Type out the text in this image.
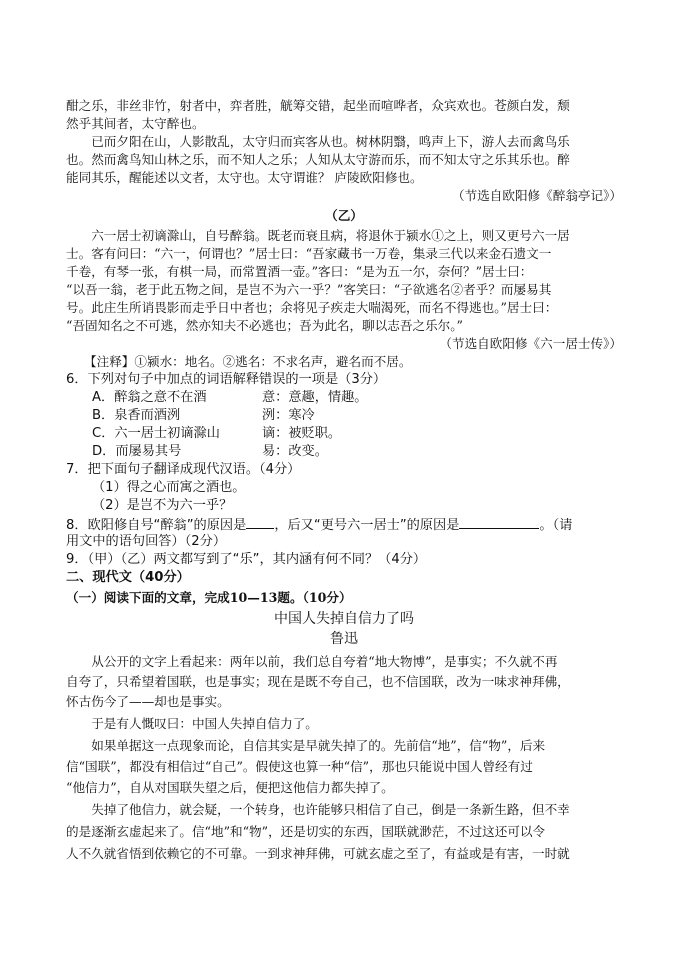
酣之乐，非丝非竹，射者中，弈者胜，觥筹交错，起坐而喧哗者，众宾欢也。苍颜白发，颓
然乎其间者，太守醉也。
　　已而夕阳在山，人影散乱，太守归而宾客从也。树林阴翳，鸣声上下，游人去而禽鸟乐
也。然而禽鸟知山林之乐，而不知人之乐；人知从太守游而乐，而不知太守之乐其乐也。醉
能同其乐，醒能述以文者，太守也。太守谓谁？ 庐陵欧阳修也。
（节选自欧阳修《醉翁亭记》）
（乙）
　　六一居士初谪滁山，自号醉翁。既老而衰且病，将退休于颍水①之上，则又更号六一居
士。客有问曰：“六一，何谓也？”居士曰：“吾家藏书一万卷，集录三代以来金石遗文一
千卷，有琴一张，有棋一局，而常置酒一壶。”客曰：“是为五一尔，奈何？”居士曰：
“以吾一翁，老于此五物之间，是岂不为六一乎？”客笑曰：“子欲逃名②者乎？而屡易其
号。此庄生所诮畏影而走乎日中者也；余将见子疾走大喘渴死，而名不得逃也。”居士曰：
“吾固知名之不可逃，然亦知夫不必逃也；吾为此名，聊以志吾之乐尔。”
（节选自欧阳修《六一居士传》）
【注释】①颍水：地名。②逃名：不求名声，避名而不居。
6．下列对句子中加点的词语解释错误的一项是（3分）
A．醉翁之意不在酒	意：意趣，情趣。
B．泉香而酒洌	洌：寒冷
C．六一居士初谪滁山	谪：被贬职。
D．而屡易其号	易：改变。
7．把下面句子翻译成现代汉语。（4分）
（1）得之心而寓之酒也。
（2）是岂不为六一乎？
8．欧阳修自号“醉翁”的原因是 ，后又“更号六一居士”的原因是	。（请
用文中的语句回答）（2分）
9．（甲）（乙）两文都写到了“乐”，其内涵有何不同？（4分）
二、现代文（40分）
（一）阅读下面的文章，完成10—13题。（10分）
中国人失掉自信力了吗
鲁迅
　　从公开的文字上看起来：两年以前，我们总自夸着“地大物博”，是事实；不久就不再
自夸了，只希望着国联，也是事实；现在是既不夸自己，也不信国联，改为一味求神拜佛，
怀古伤今了——却也是事实。
　　于是有人慨叹曰：中国人失掉自信力了。
　　如果单据这一点现象而论，自信其实是早就失掉了的。先前信“地”，信“物”，后来
信“国联”，都没有相信过“自己”。假使这也算一种“信”，那也只能说中国人曾经有过
“他信力”，自从对国联失望之后，便把这他信力都失掉了。
　　失掉了他信力，就会疑，一个转身，也许能够只相信了自己，倒是一条新生路，但不幸
的是逐渐玄虚起来了。信“地”和“物”，还是切实的东西，国联就渺茫，不过这还可以令
人不久就省悟到依赖它的不可靠。一到求神拜佛，可就玄虚之至了，有益或是有害，一时就
